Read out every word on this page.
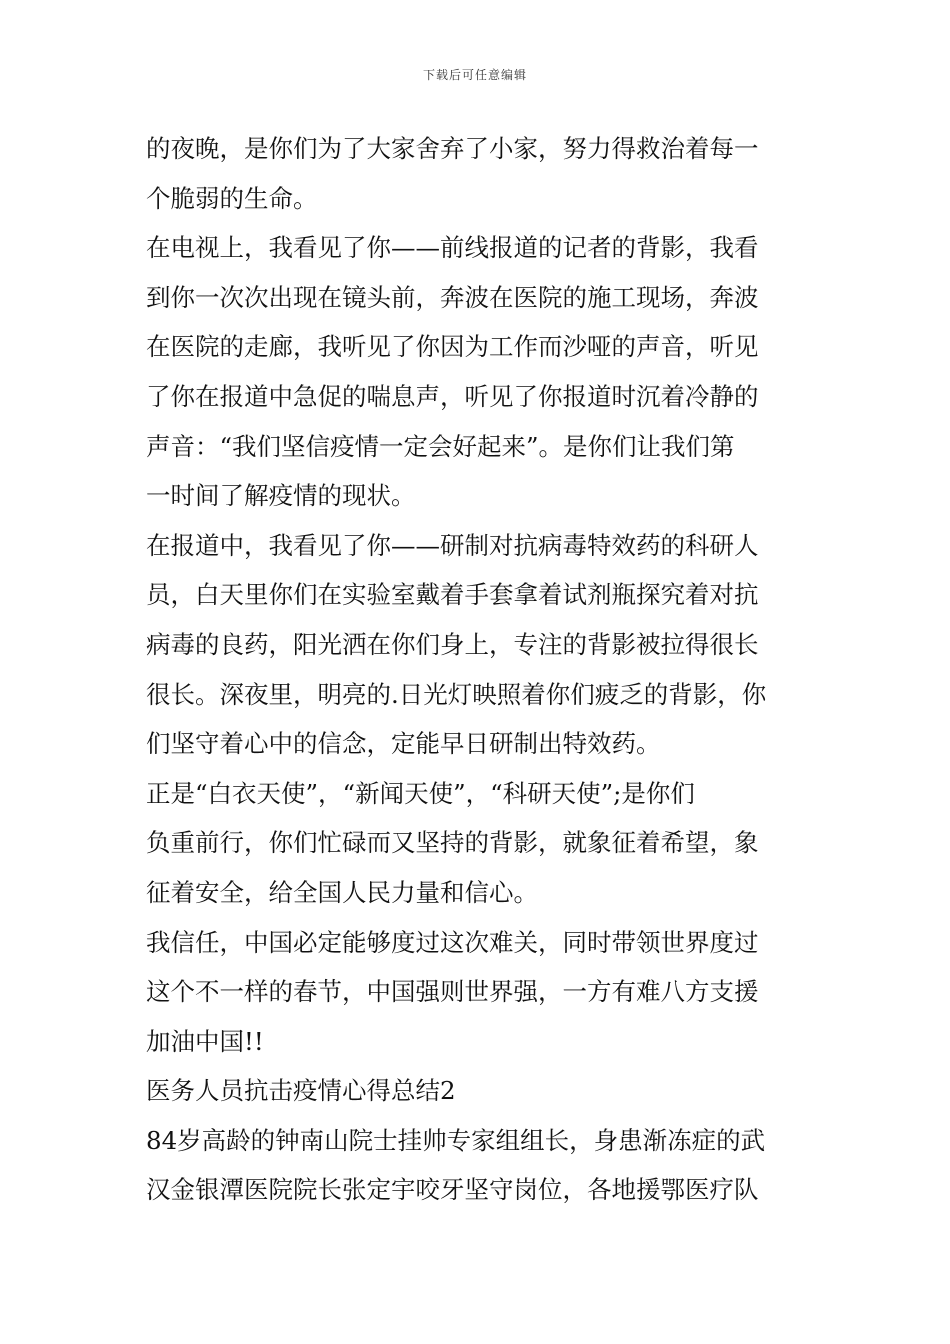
下载后可任意编辑
的夜晚，是你们为了大家舍弃了小家，努力得救治着每一
个脆弱的生命。
在电视上，我看见了你——前线报道的记者的背影，我看
到你一次次出现在镜头前，奔波在医院的施工现场，奔波
在医院的走廊，我听见了你因为工作而沙哑的声音，听见
了你在报道中急促的喘息声，听见了你报道时沉着冷静的
声音：“我们坚信疫情一定会好起来”。是你们让我们第
一时间了解疫情的现状。
在报道中，我看见了你——研制对抗病毒特效药的科研人
员，白天里你们在实验室戴着手套拿着试剂瓶探究着对抗
病毒的良药，阳光洒在你们身上，专注的背影被拉得很长
很长。深夜里，明亮的.日光灯映照着你们疲乏的背影，你
们坚守着心中的信念，定能早日研制出特效药。
正是“白衣天使”，“新闻天使”，“科研天使”;是你们
负重前行，你们忙碌而又坚持的背影，就象征着希望，象
征着安全，给全国人民力量和信心。
我信任，中国必定能够度过这次难关，同时带领世界度过
这个不一样的春节，中国强则世界强，一方有难八方支援
加油中国!!
医务人员抗击疫情心得总结2
84岁高龄的钟南山院士挂帅专家组组长，身患渐冻症的武
汉金银潭医院院长张定宇咬牙坚守岗位，各地援鄂医疗队
